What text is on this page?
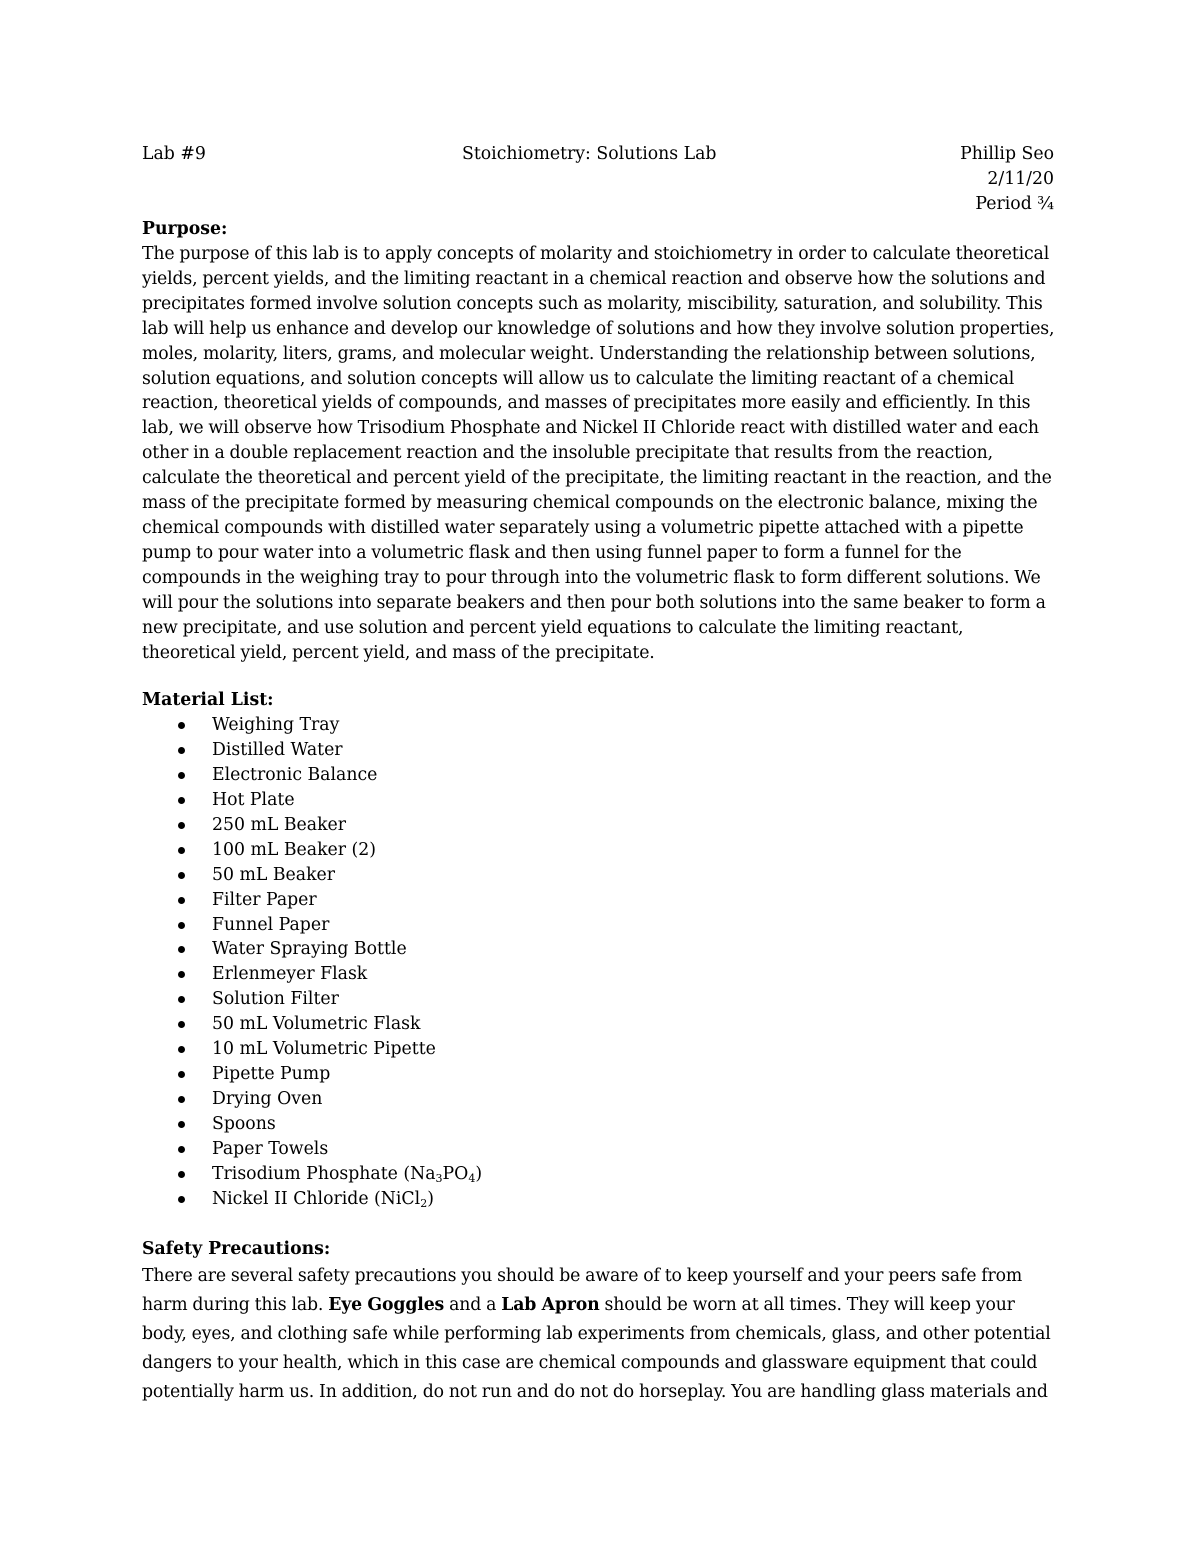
Lab #9	Stoichiometry: Solutions Lab	Phillip Seo
2/11/20
Period ¾
Purpose:
The purpose of this lab is to apply concepts of molarity and stoichiometry in order to calculate theoretical yields, percent yields, and the limiting reactant in a chemical reaction and observe how the solutions and precipitates formed involve solution concepts such as molarity, miscibility, saturation, and solubility. This lab will help us enhance and develop our knowledge of solutions and how they involve solution properties, moles, molarity, liters, grams, and molecular weight. Understanding the relationship between solutions, solution equations, and solution concepts will allow us to calculate the limiting reactant of a chemical reaction, theoretical yields of compounds, and masses of precipitates more easily and efficiently. In this lab, we will observe how Trisodium Phosphate and Nickel II Chloride react with distilled water and each other in a double replacement reaction and the insoluble precipitate that results from the reaction, calculate the theoretical and percent yield of the precipitate, the limiting reactant in the reaction, and the mass of the precipitate formed by measuring chemical compounds on the electronic balance, mixing the chemical compounds with distilled water separately using a volumetric pipette attached with a pipette pump to pour water into a volumetric flask and then using funnel paper to form a funnel for the compounds in the weighing tray to pour through into the volumetric flask to form different solutions. We will pour the solutions into separate beakers and then pour both solutions into the same beaker to form a new precipitate, and use solution and percent yield equations to calculate the limiting reactant, theoretical yield, percent yield, and mass of the precipitate.
Material List:
Weighing Tray
Distilled Water
Electronic Balance
Hot Plate
250 mL Beaker
100 mL Beaker (2)
50 mL Beaker
Filter Paper
Funnel Paper
Water Spraying Bottle
Erlenmeyer Flask
Solution Filter
50 mL Volumetric Flask
10 mL Volumetric Pipette
Pipette Pump
Drying Oven
Spoons
Paper Towels
Trisodium Phosphate $(Na_3PO_4)$
Nickel II Chloride (NiCl$_2$)
Safety Precautions:
There are several safety precautions you should be aware of to keep yourself and your peers safe from harm during this lab. Eye Goggles and a Lab Apron should be worn at all times. They will keep your body, eyes, and clothing safe while performing lab experiments from chemicals, glass, and other potential dangers to your health, which in this case are chemical compounds and glassware equipment that could potentially harm us. In addition, do not run and do not do horseplay. You are handling glass materials and
